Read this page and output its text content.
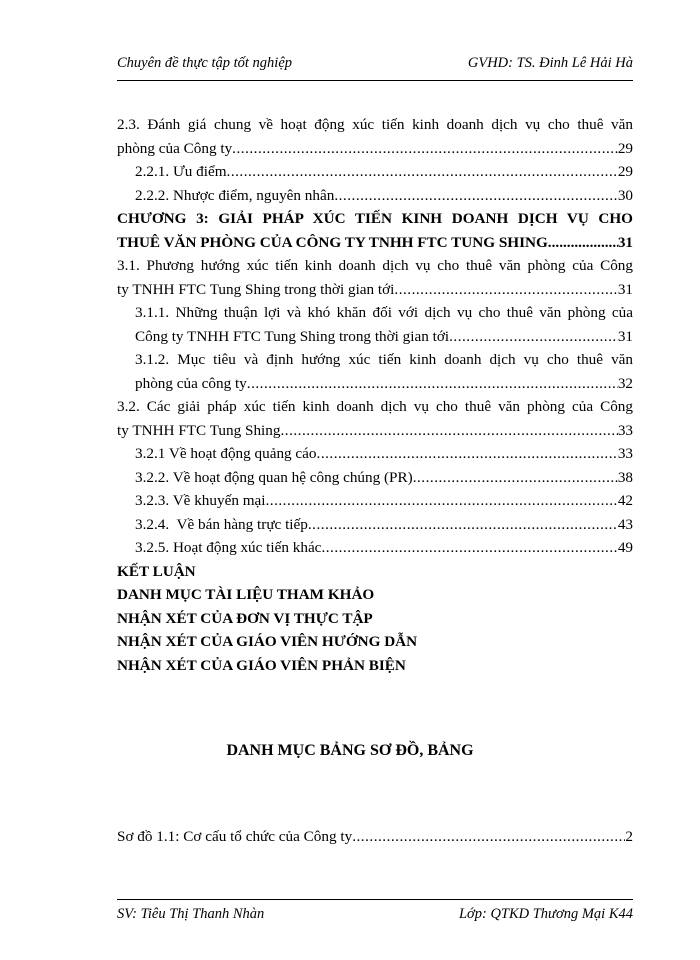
Chuyên đề thực tập tốt nghiệp	GVHD: TS. Đinh Lê Hải Hà
2.3. Đánh giá chung về hoạt động xúc tiến kinh doanh dịch vụ cho thuê văn
phòng của Công ty .....	29
2.2.1. Ưu điểm .....	29
2.2.2. Nhược điểm, nguyên nhân .....	30
CHƯƠNG 3: GIẢI PHÁP XÚC TIẾN KINH DOANH DỊCH VỤ CHO
THUÊ VĂN PHÒNG CỦA CÔNG TY TNHH FTC TUNG SHING .....	31
3.1. Phương hướng xúc tiến kinh doanh dịch vụ cho thuê văn phòng của Công
ty TNHH FTC Tung Shing trong thời gian tới .....	31
3.1.1. Những thuận lợi và khó khăn đối với dịch vụ cho thuê văn phòng của
Công ty TNHH FTC Tung Shing trong thời gian tới .....	31
3.1.2. Mục tiêu và định hướng xúc tiến kinh doanh dịch vụ cho thuê văn
phòng của công ty .....	32
3.2. Các giải pháp xúc tiến kinh doanh dịch vụ cho thuê văn phòng của Công
ty TNHH FTC Tung Shing .....	33
3.2.1 Về hoạt động quảng cáo .....	33
3.2.2. Về hoạt động quan hệ công chúng (PR) .....	38
3.2.3. Về khuyến mại .....	42
3.2.4.  Về bán hàng trực tiếp .....	43
3.2.5. Hoạt động xúc tiến khác .....	49
KẾT LUẬN
DANH MỤC TÀI LIỆU THAM KHẢO
NHẬN XÉT CỦA ĐƠN VỊ THỰC TẬP
NHẬN XÉT CỦA GIÁO VIÊN HƯỚNG DẪN
NHẬN XÉT CỦA GIÁO VIÊN PHẢN BIỆN
DANH MỤC BẢNG SƠ ĐỒ, BẢNG
Sơ đồ 1.1: Cơ cấu tổ chức của Công ty .....	2
SV: Tiêu Thị Thanh Nhàn	Lớp: QTKD Thương Mại K44
